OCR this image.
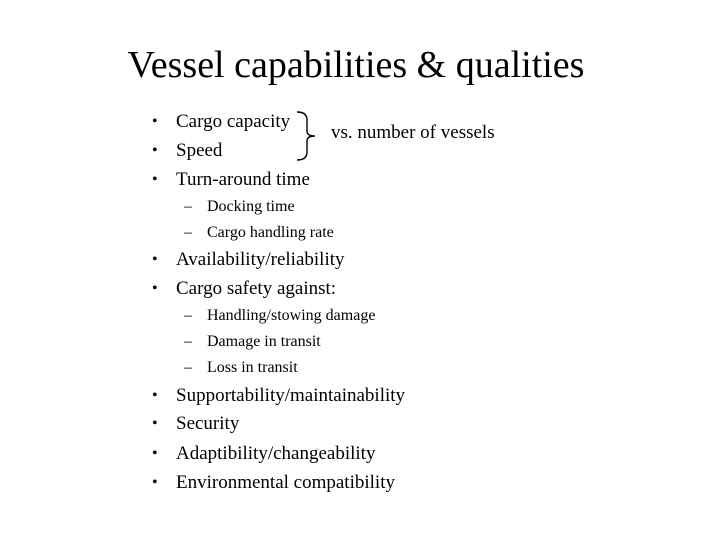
Vessel capabilities & qualities
• Cargo capacity
• Speed
vs. number of vessels
• Turn-around time
– Docking time
– Cargo handling rate
• Availability/reliability
• Cargo safety against:
– Handling/stowing damage
– Damage in transit
– Loss in transit
• Supportability/maintainability
• Security
• Adaptibility/changeability
• Environmental compatibility
